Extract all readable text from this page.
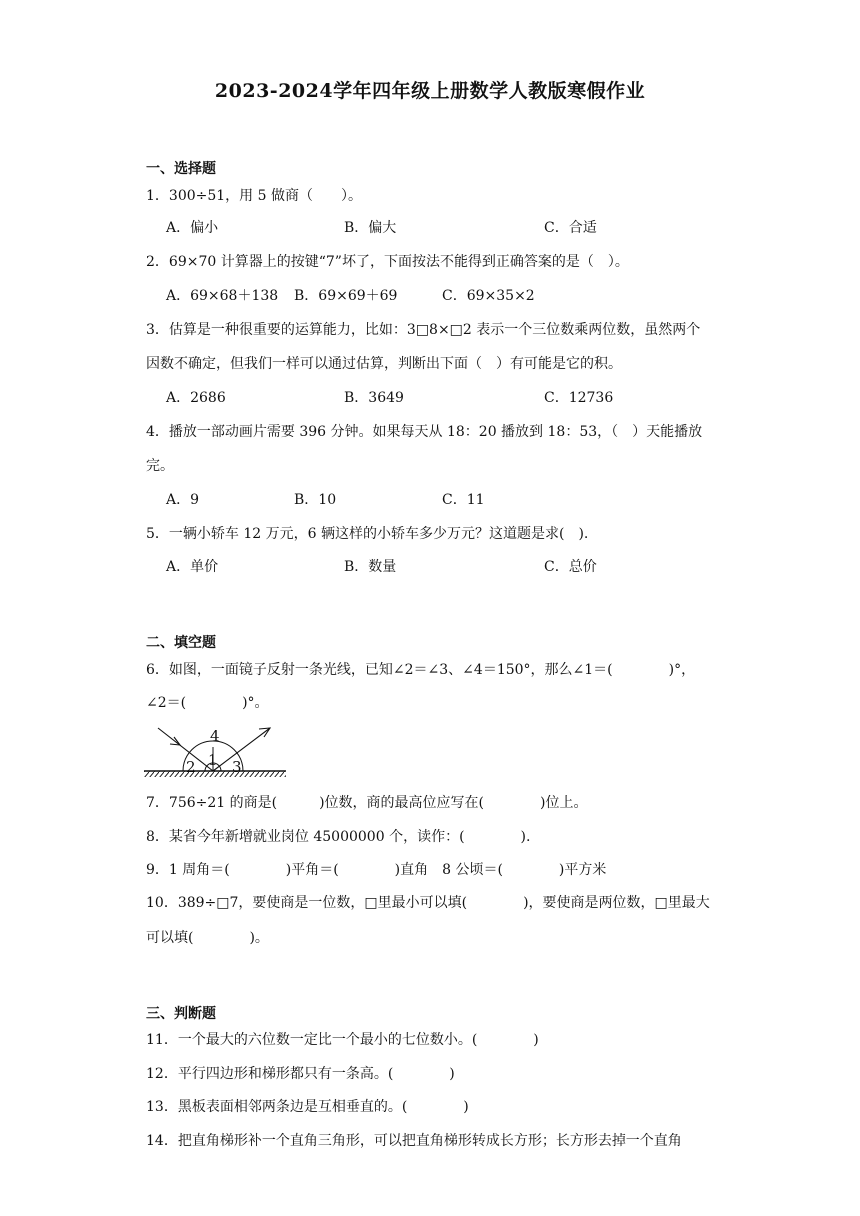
2023-2024学年四年级上册数学人教版寒假作业
一、选择题
1．300÷51，用 5 做商（　　）。
A．偏小	B．偏大	C．合适
2．69×70 计算器上的按键“7”坏了，下面按法不能得到正确答案的是（　）。
A．69×68＋138 B．69×69＋69	C．69×35×2
3．估算是一种很重要的运算能力，比如：3□8×□2 表示一个三位数乘两位数，虽然两个
因数不确定，但我们一样可以通过估算，判断出下面（　）有可能是它的积。
A．2686	B．3649	C．12736
4．播放一部动画片需要 396 分钟。如果每天从 18：20 播放到 18：53，（　）天能播放
完。
A．9	B．10	C．11
5．一辆小轿车 12 万元，6 辆这样的小轿车多少万元？这道题是求(　).
A．单价	B．数量	C．总价
二、填空题
6．如图，一面镜子反射一条光线，已知∠2＝∠3、∠4＝150°，那么∠1＝(　　　　)°，
∠2＝(　　　　)°。
4
1
2 3
7．756÷21 的商是(　　　)位数，商的最高位应写在(　　　　)位上。
8．某省今年新增就业岗位 45000000 个，读作：(　　　　).
9．1 周角＝(　　　　)平角＝(　　　　)直角　8 公顷＝(　　　　)平方米
10．389÷□7，要使商是一位数，□里最小可以填(　　　　)，要使商是两位数，□里最大
可以填(　　　　)。
三、判断题
11．一个最大的六位数一定比一个最小的七位数小。(　　　　)
12．平行四边形和梯形都只有一条高。(　　　　)
13．黑板表面相邻两条边是互相垂直的。(　　　　)
14．把直角梯形补一个直角三角形，可以把直角梯形转成长方形；长方形去掉一个直角
